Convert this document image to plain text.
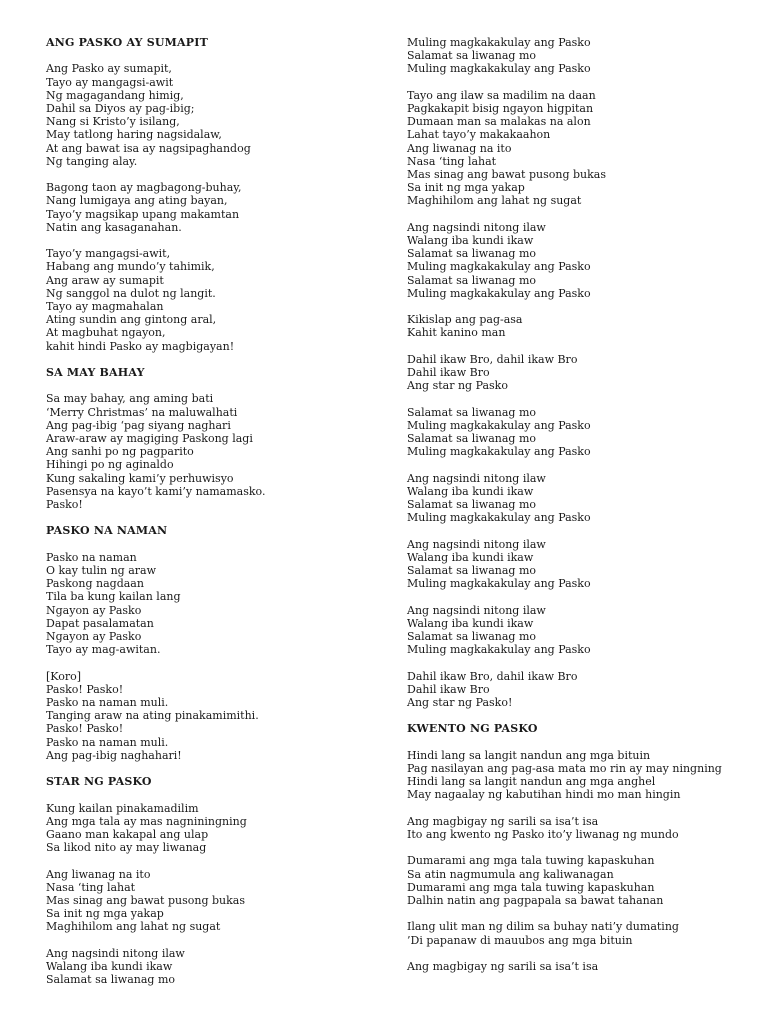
ANG PASKO AY SUMAPIT
Ang Pasko ay sumapit,
Tayo ay mangagsi-awit
Ng magagandang himig,
Dahil sa Diyos ay pag-ibig;
Nang si Kristo’y isilang,
May tatlong haring nagsidalaw,
At ang bawat isa ay nagsipaghandog
Ng tanging alay.
Bagong taon ay magbagong-buhay,
Nang lumigaya ang ating bayan,
Tayo’y magsikap upang makamtan
Natin ang kasaganahan.
Tayo’y mangagsi-awit,
Habang ang mundo’y tahimik,
Ang araw ay sumapit
Ng sanggol na dulot ng langit.
Tayo ay magmahalan
Ating sundin ang gintong aral,
At magbuhat ngayon,
kahit hindi Pasko ay magbigayan!
SA MAY BAHAY
Sa may bahay, ang aming bati
‘Merry Christmas’ na maluwalhati
Ang pag-ibig ‘pag siyang naghari
Araw-araw ay magiging Paskong lagi
Ang sanhi po ng pagparito
Hihingi po ng aginaldo
Kung sakaling kami’y perhuwisyo
Pasensya na kayo’t kami’y namamasko.
Pasko!
PASKO NA NAMAN
Pasko na naman
O kay tulin ng araw
Paskong nagdaan
Tila ba kung kailan lang
Ngayon ay Pasko
Dapat pasalamatan
Ngayon ay Pasko
Tayo ay mag-awitan.
[Koro]
Pasko! Pasko!
Pasko na naman muli.
Tanging araw na ating pinakamimithi.
Pasko! Pasko!
Pasko na naman muli.
Ang pag-ibig naghahari!
STAR NG PASKO
Kung kailan pinakamadilim
Ang mga tala ay mas nagniningning
Gaano man kakapal ang ulap
Sa likod nito ay may liwanag
Ang liwanag na ito
Nasa ‘ting lahat
Mas sinag ang bawat pusong bukas
Sa init ng mga yakap
Maghihilom ang lahat ng sugat
Ang nagsindi nitong ilaw
Walang iba kundi ikaw
Salamat sa liwanag mo
Muling magkakakulay ang Pasko
Salamat sa liwanag mo
Muling magkakakulay ang Pasko
Tayo ang ilaw sa madilim na daan
Pagkakapit bisig ngayon higpitan
Dumaan man sa malakas na alon
Lahat tayo’y makakaahon
Ang liwanag na ito
Nasa ‘ting lahat
Mas sinag ang bawat pusong bukas
Sa init ng mga yakap
Maghihilom ang lahat ng sugat
Ang nagsindi nitong ilaw
Walang iba kundi ikaw
Salamat sa liwanag mo
Muling magkakakulay ang Pasko
Salamat sa liwanag mo
Muling magkakakulay ang Pasko
Kikislap ang pag-asa
Kahit kanino man
Dahil ikaw Bro, dahil ikaw Bro
Dahil ikaw Bro
Ang star ng Pasko
Salamat sa liwanag mo
Muling magkakakulay ang Pasko
Salamat sa liwanag mo
Muling magkakakulay ang Pasko
Ang nagsindi nitong ilaw
Walang iba kundi ikaw
Salamat sa liwanag mo
Muling magkakakulay ang Pasko
Ang nagsindi nitong ilaw
Walang iba kundi ikaw
Salamat sa liwanag mo
Muling magkakakulay ang Pasko
Ang nagsindi nitong ilaw
Walang iba kundi ikaw
Salamat sa liwanag mo
Muling magkakakulay ang Pasko
Dahil ikaw Bro, dahil ikaw Bro
Dahil ikaw Bro
Ang star ng Pasko!
KWENTO NG PASKO
Hindi lang sa langit nandun ang mga bituin
Pag nasilayan ang pag-asa mata mo rin ay may ningning
Hindi lang sa langit nandun ang mga anghel
May nagaalay ng kabutihan hindi mo man hingin
Ang magbigay ng sarili sa isa’t isa
Ito ang kwento ng Pasko ito’y liwanag ng mundo
Dumarami ang mga tala tuwing kapaskuhan
Sa atin nagmumula ang kaliwanagan
Dumarami ang mga tala tuwing kapaskuhan
Dalhin natin ang pagpapala sa bawat tahanan
Ilang ulit man ng dilim sa buhay nati’y dumating
’Di papanaw di mauubos ang mga bituin
Ang magbigay ng sarili sa isa’t isa
